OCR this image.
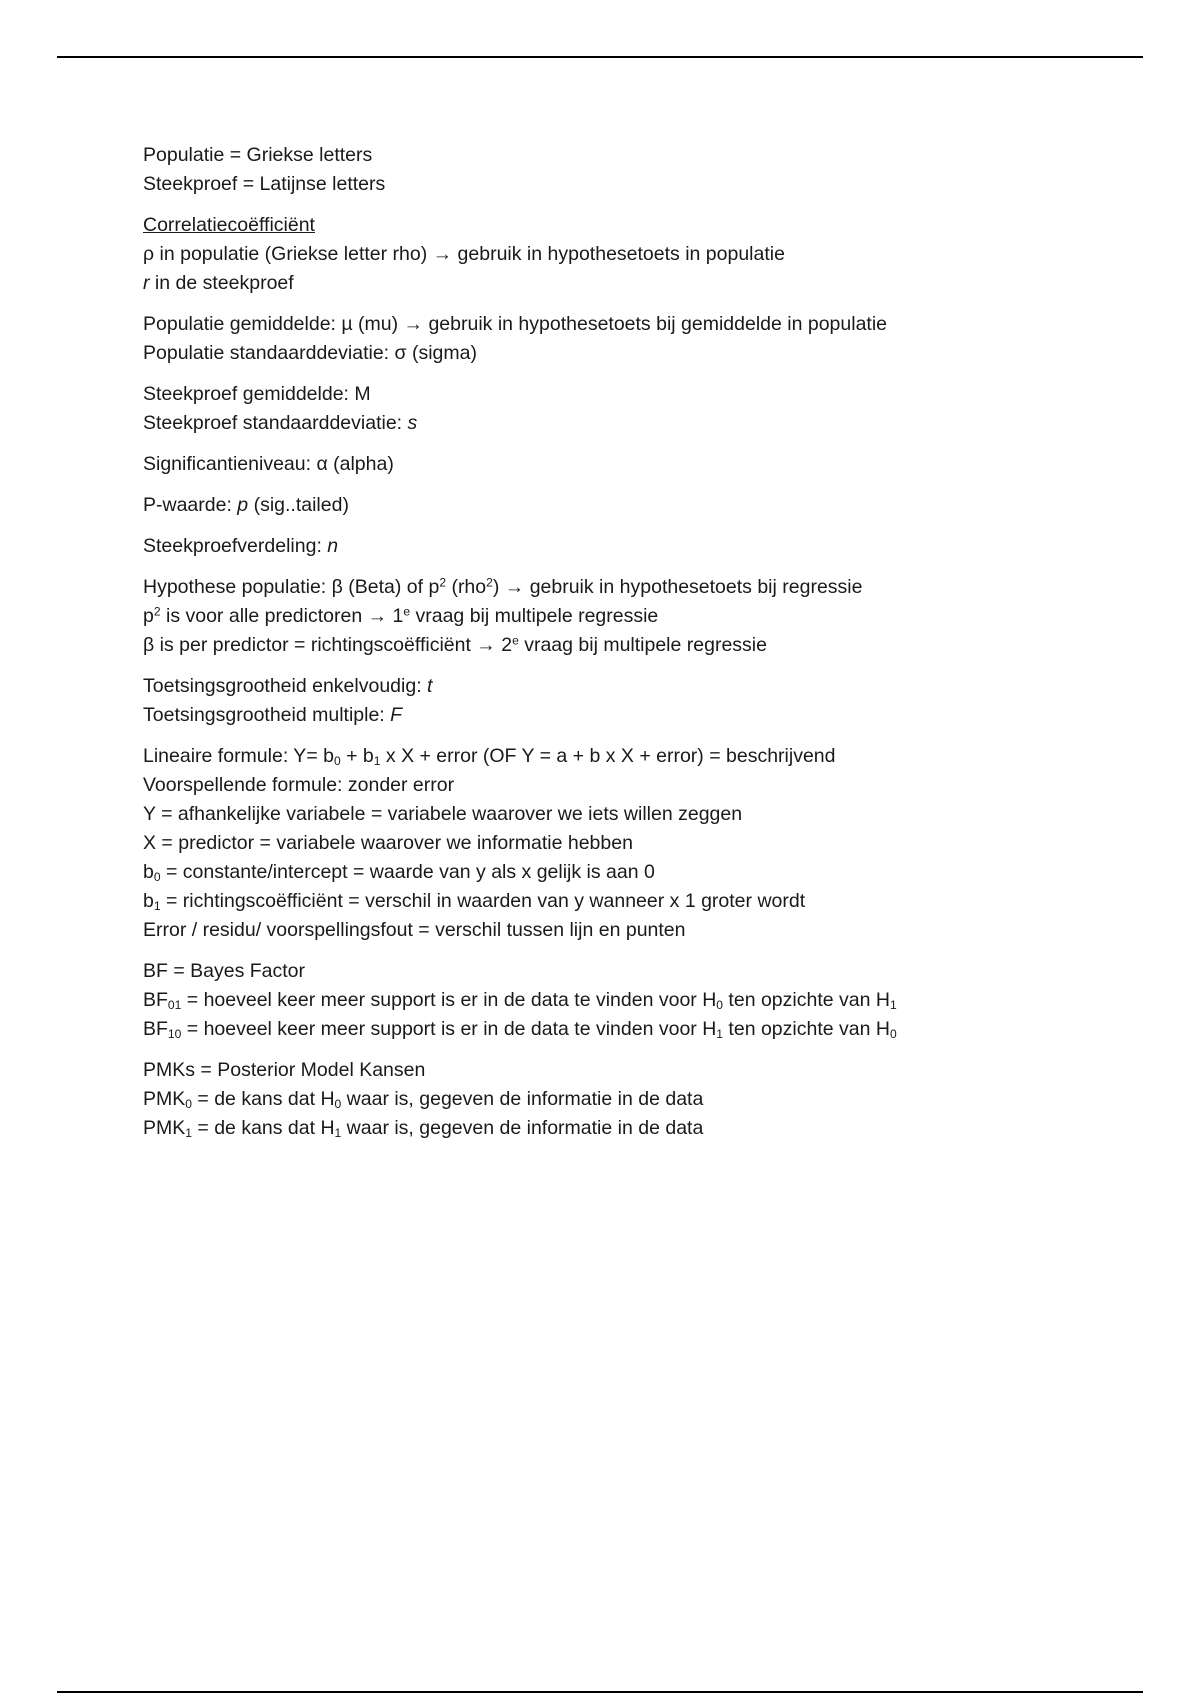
Populatie = Griekse letters
Steekproef = Latijnse letters
Correlatiecoëfficiënt
ρ in populatie (Griekse letter rho) → gebruik in hypothesetoets in populatie
r in de steekproef
Populatie gemiddelde: µ (mu) → gebruik in hypothesetoets bij gemiddelde in populatie
Populatie standaarddeviatie: σ (sigma)
Steekproef gemiddelde: M
Steekproef standaarddeviatie: s
Significantieniveau: α (alpha)
P-waarde: p (sig..tailed)
Steekproefverdeling: n
Hypothese populatie: β (Beta) of $p^2$ (rho$^2$) → gebruik in hypothesetoets bij regressie
$p^2$ is voor alle predictoren → $1^e$ vraag bij multipele regressie
β is per predictor = richtingscoëfficiënt → $2^e$ vraag bij multipele regressie
Toetsingsgrootheid enkelvoudig: t
Toetsingsgrootheid multiple: F
Lineaire formule: $Y= b_0 + b_1$ x X + error (OF Y = a + b x X + error) = beschrijvend
Voorspellende formule: zonder error
Y = afhankelijke variabele = variabele waarover we iets willen zeggen
X = predictor = variabele waarover we informatie hebben
$b_0$ = constante/intercept = waarde van y als x gelijk is aan 0
$b_1$ = richtingscoëfficiënt = verschil in waarden van y wanneer x 1 groter wordt
Error / residu/ voorspellingsfout = verschil tussen lijn en punten
BF = Bayes Factor
$BF_{01}$ = hoeveel keer meer support is er in de data te vinden voor $H_0$ ten opzichte van $H_1$
$BF_{10}$ = hoeveel keer meer support is er in de data te vinden voor $H_1$ ten opzichte van $H_0$
PMKs = Posterior Model Kansen
$PMK_0$ = de kans dat $H_0$ waar is, gegeven de informatie in de data
$PMK_1$ = de kans dat $H_1$ waar is, gegeven de informatie in de data
